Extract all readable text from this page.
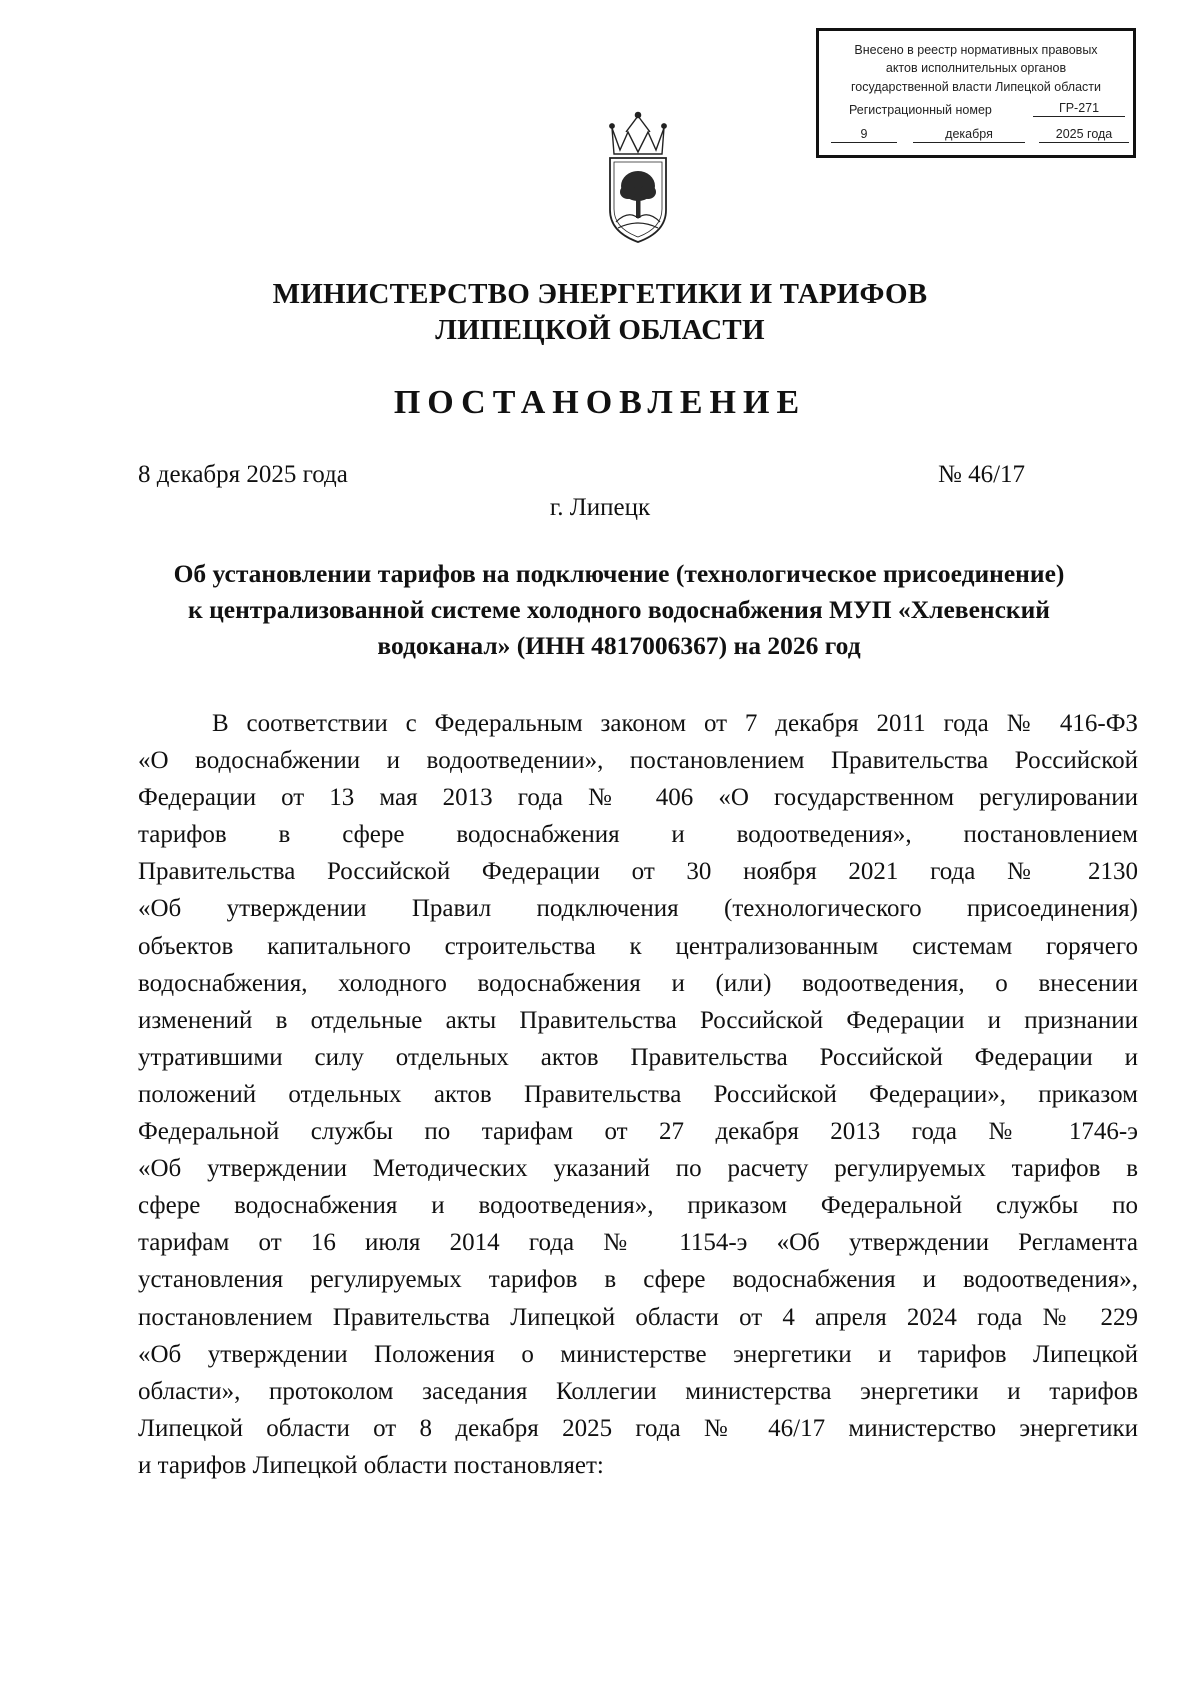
Внесено в реестр нормативных правовых
актов исполнительных органов
государственной власти Липецкой области
Регистрационный номер	ГР-271
9	декабря	2025 года
МИНИСТЕРСТВО ЭНЕРГЕТИКИ И ТАРИФОВ
ЛИПЕЦКОЙ ОБЛАСТИ
ПОСТАНОВЛЕНИЕ
8 декабря 2025 года	№ 46/17
г. Липецк
Об установлении тарифов на подключение (технологическое присоединение)
к централизованной системе холодного водоснабжения МУП «Хлевенский
водоканал» (ИНН 4817006367) на 2026 год
В соответствии с Федеральным законом от 7 декабря 2011 года № 416-ФЗ
«О водоснабжении и водоотведении», постановлением Правительства Российской
Федерации от 13 мая 2013 года № 406 «О государственном регулировании
тарифов в сфере водоснабжения и водоотведения», постановлением
Правительства Российской Федерации от 30 ноября 2021 года № 2130
«Об утверждении Правил подключения (технологического присоединения)
объектов капитального строительства к централизованным системам горячего
водоснабжения, холодного водоснабжения и (или) водоотведения, о внесении
изменений в отдельные акты Правительства Российской Федерации и признании
утратившими силу отдельных актов Правительства Российской Федерации и
положений отдельных актов Правительства Российской Федерации», приказом
Федеральной службы по тарифам от 27 декабря 2013 года № 1746-э
«Об утверждении Методических указаний по расчету регулируемых тарифов в
сфере водоснабжения и водоотведения», приказом Федеральной службы по
тарифам от 16 июля 2014 года № 1154-э «Об утверждении Регламента
установления регулируемых тарифов в сфере водоснабжения и водоотведения»,
постановлением Правительства Липецкой области от 4 апреля 2024 года № 229
«Об утверждении Положения о министерстве энергетики и тарифов Липецкой
области», протоколом заседания Коллегии министерства энергетики и тарифов
Липецкой области от 8 декабря 2025 года № 46/17 министерство энергетики
и тарифов Липецкой области постановляет:
